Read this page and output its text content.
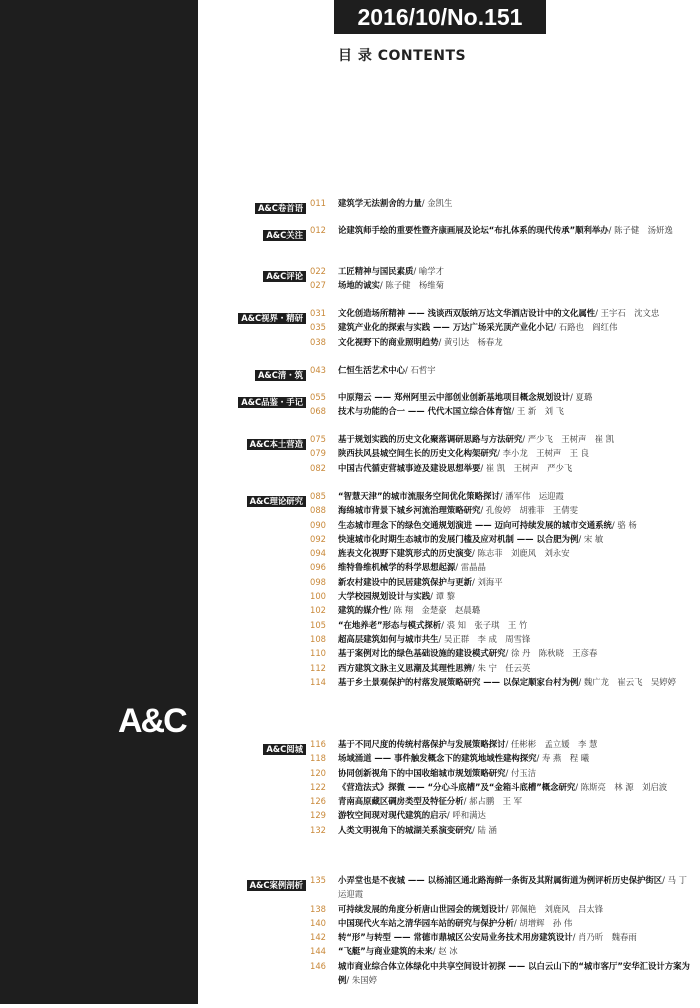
A&C
2016/10/No.151
目 录 CONTENTS
A&C卷首语 011	建筑学无法割舍的力量/ 金凯生
A&C关注 012	论建筑师手绘的重要性暨齐康画展及论坛“布扎体系的现代传承”顺利举办/ 陈子健　汤妍逸
A&C评论 022	工匠精神与国民素质/ 喻学才
027	场地的诚实/ 陈子健　杨维菊
A&C视界・精研 031	文化创造场所精神 —— 浅谈西双版纳万达文华酒店设计中的文化属性/ 王宇石　沈文忠
035	建筑产业化的探索与实践 —— 万达广场采光顶产业化小记/ 石路也　阎红伟
038	文化视野下的商业照明趋势/ 黄引达　杨春龙
A&C清・筑 043	仁恒生活艺术中心/ 石哲宇
A&C品鉴・手记 055	中原翔云 —— 郑州阿里云中部创业创新基地项目概念规划设计/ 夏璐
068	技术与功能的合一 —— 代代木国立综合体育馆/ 王 新　刘 飞
A&C本土营造 075	基于规划实践的历史文化聚落调研思路与方法研究/ 严少飞　王树声　崔 凯
079	陕西扶风县城空间生长的历史文化构架研究/ 李小龙　王树声　王 良
082	中国古代循吏营城事迹及建设思想举要/ 崔 凯　王树声　严少飞
A&C理论研究 085	“智慧天津”的城市流服务空间优化策略探讨/ 潘军伟　运迎霞
088	海绵城市背景下城乡河流治理策略研究/ 孔俊婷　胡雅菲　王倩雯
090	生态城市理念下的绿色交通规划演进 —— 迈向可持续发展的城市交通系统/ 骆 杨
092	快速城市化时期生态城市的发展门槛及应对机制 —— 以合肥为例/ 宋 敏
094	旌表文化视野下建筑形式的历史演变/ 陈志菲　刘鹿风　刘永安
096	维特鲁维机械学的科学思想起源/ 雷晶晶
098	新农村建设中的民居建筑保护与更新/ 刘海平
100	大学校园规划设计与实践/ 谭 黎
102	建筑的媒介性/ 陈 翔　金楚豪　赵晨璐
105	“在地养老”形态与模式探析/ 裘 知　张子琪　王 竹
108	超高层建筑如何与城市共生/ 吴正群　李 成　周雪锋
110	基于案例对比的绿色基础设施的建设模式研究/ 徐 丹　陈秋晓　王彦春
112	西方建筑文脉主义思潮及其理性思辨/ 朱 宁　任云英
114	基于乡土景观保护的村落发展策略研究 —— 以保定顺家台村为例/ 魏广龙　崔云飞　吴婷婷
A&C阅城 116	基于不同尺度的传统村落保护与发展策略探讨/ 任彬彬　孟立媛　李 慧
118	场域涌道 —— 事件触发概念下的建筑地域性建构探究/ 寿 燕　程 曦
120	协同创新视角下的中国收缩城市规划策略研究/ 付玉洁
122	《营造法式》探微 —— “分心斗底槽”及“金箱斗底槽”概念研究/ 陈斯亮　林 源　刘启波
126	青南高原藏区碉房类型及特征分析/ 郝占鹏　王 军
129	游牧空间现对现代建筑的启示/ 呼和满达
132	人类文明视角下的城湖关系演变研究/ 陆 涵
A&C案例剖析 135	小弄堂也是不夜城 —— 以杨浦区通北路海鲜一条街及其附属街道为例评析历史保护街区/ 马 丁　运迎霞
138	可持续发展的角度分析唐山世园会的规划设计/ 郭佩艳　刘鹿风　吕太锋
140	中国现代火车站之清华园车站的研究与保护分析/ 胡增辉　孙 伟
142	转“形”与转型 —— 常德市鼎城区公安局业务技术用房建筑设计/ 肖乃昕　魏春雨
144	“飞艇”与商业建筑的未来/ 赵 冰
146	城市商业综合体立体绿化中共享空间设计初探 —— 以白云山下的“城市客厅”安华汇设计方案为例/ 朱国婷
